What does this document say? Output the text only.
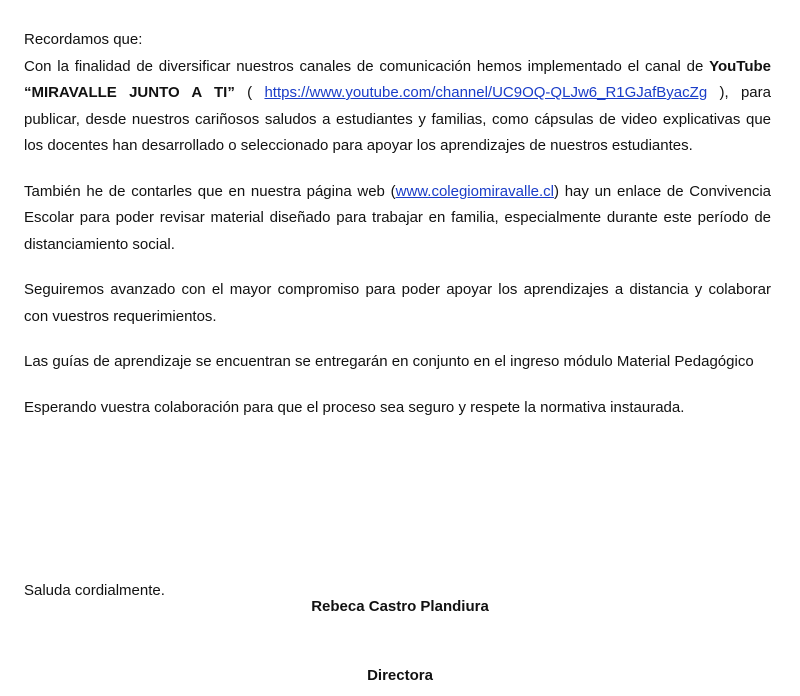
Recordamos que:

Con la finalidad de diversificar nuestros canales de comunicación hemos implementado el canal de YouTube “MIRAVALLE JUNTO A TI” ( https://www.youtube.com/channel/UC9OQ-QLJw6_R1GJafByacZg ), para publicar, desde nuestros cariñosos saludos a estudiantes y familias, como cápsulas de video explicativas que los docentes han desarrollado o seleccionado para apoyar los aprendizajes de nuestros estudiantes.

También he de contarles que en nuestra página web (www.colegiomiravalle.cl) hay un enlace de Convivencia Escolar para poder revisar material diseñado para trabajar en familia, especialmente durante este período de distanciamiento social.

Seguiremos avanzado con el mayor compromiso para poder apoyar los aprendizajes a distancia y colaborar con vuestros requerimientos.

Las guías de aprendizaje se encuentran se entregarán en conjunto en el ingreso módulo Material Pedagógico

Esperando vuestra colaboración para que el proceso sea seguro y respete la normativa instaurada.

Saluda cordialmente.

Rebeca Castro Plandiura

Directora
